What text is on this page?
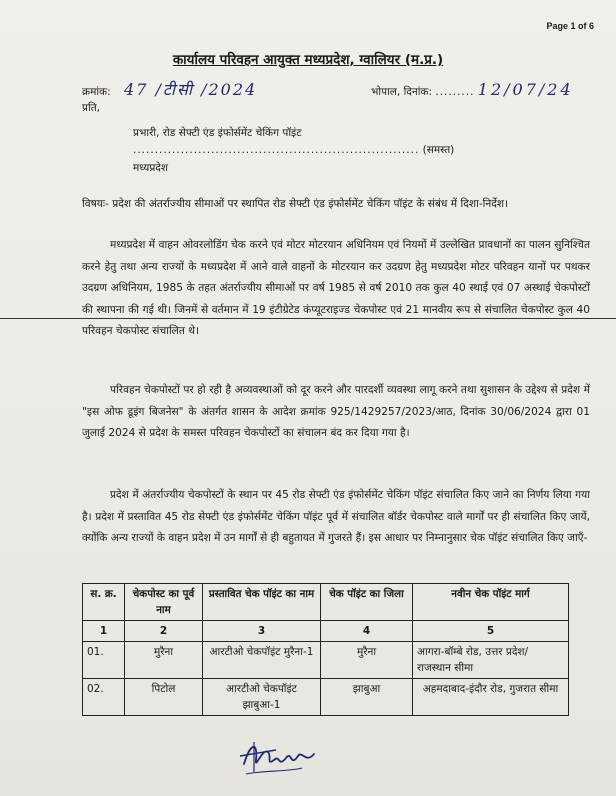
Page 1 of 6
कार्यालय परिवहन आयुक्त मध्यप्रदेश, ग्वालियर (म.प्र.)
क्रमांक: 47 /टीसी /2024	भोपाल, दिनांक: ......... 12/07/24
प्रति,
प्रभारी, रोड सेफ्टी एंड इंफोर्समेंट चेकिंग पॉइंट
.................................................................. (समस्त)
मध्यप्रदेश
विषयः- प्रदेश की अंतर्राज्यीय सीमाओं पर स्थापित रोड सेफ्टी एंड इंफोर्समेंट चेकिंग पॉइंट के संबंध में दिशा-निर्देश।
मध्यप्रदेश में वाहन ओवरलोडिंग चेक करने एवं मोटर मोटरयान अधिनियम एवं नियमों में उल्लेखित प्रावधानों का पालन सुनिश्चित करने हेतु तथा अन्य राज्यों के मध्यप्रदेश में आने वाले वाहनों के मोटरयान कर उदग्रण हेतु मध्यप्रदेश मोटर परिवहन यानों पर पथकर उदग्रण अधिनियम, 1985 के तहत अंतर्राज्यीय सीमाओं पर वर्ष 1985 से वर्ष 2010 तक कुल 40 स्थाई एवं 07 अस्थाई चेकपोस्टों की स्थापना की गई थी। जिनमें से वर्तमान में 19 इंटीग्रेटेड कंप्यूटराइज्ड चेकपोस्ट एवं 21 मानवीय रूप से संचालित चेकपोस्ट कुल 40 परिवहन चेकपोस्ट संचालित थे।
परिवहन चेकपोस्टों पर हो रही है अव्यवस्थाओं को दूर करने और पारदर्शी व्यवस्था लागू करने तथा सुशासन के उद्देश्य से प्रदेश में "इस ओफ डूइंग बिजनेस" के अंतर्गत शासन के आदेश क्रमांक 925/1429257/2023/आठ, दिनांक 30/06/2024 द्वारा 01 जुलाई 2024 से प्रदेश के समस्त परिवहन चेकपोस्टों का संचालन बंद कर दिया गया है।
प्रदेश में अंतर्राज्यीय चेकपोस्टों के स्थान पर 45 रोड सेफ्टी एंड इंफोर्समेंट चेकिंग पॉइंट संचालित किए जाने का निर्णय लिया गया है। प्रदेश में प्रस्तावित 45 रोड सेफ्टी एंड इंफोर्समेंट चेकिंग पॉइंट पूर्व में संचालित बॉर्डर चेकपोस्ट वाले मार्गों पर ही संचालित किए जायें, क्योंकि अन्य राज्यों के वाहन प्रदेश में उन मार्गों से ही बहुतायत में गुजरते हैं। इस आधार पर निम्नानुसार चेक पॉइंट संचालित किए जाएँ-
स. क्र.	चेकपोस्ट का पूर्व नाम	प्रस्तावित चेक पॉइंट का नाम	चेक पॉइंट का जिला	नवीन चेक पॉइंट मार्ग
1	2	3	4	5
01.	मुरैना	आरटीओ चेकपॉइंट मुरैना-1	मुरैना	आगरा-बॉम्बे रोड, उत्तर प्रदेश/ राजस्थान सीमा
02.	पिटोल	आरटीओ चेकपॉइंट झाबुआ-1	झाबुआ	अहमदाबाद-इंदौर रोड, गुजरात सीमा
